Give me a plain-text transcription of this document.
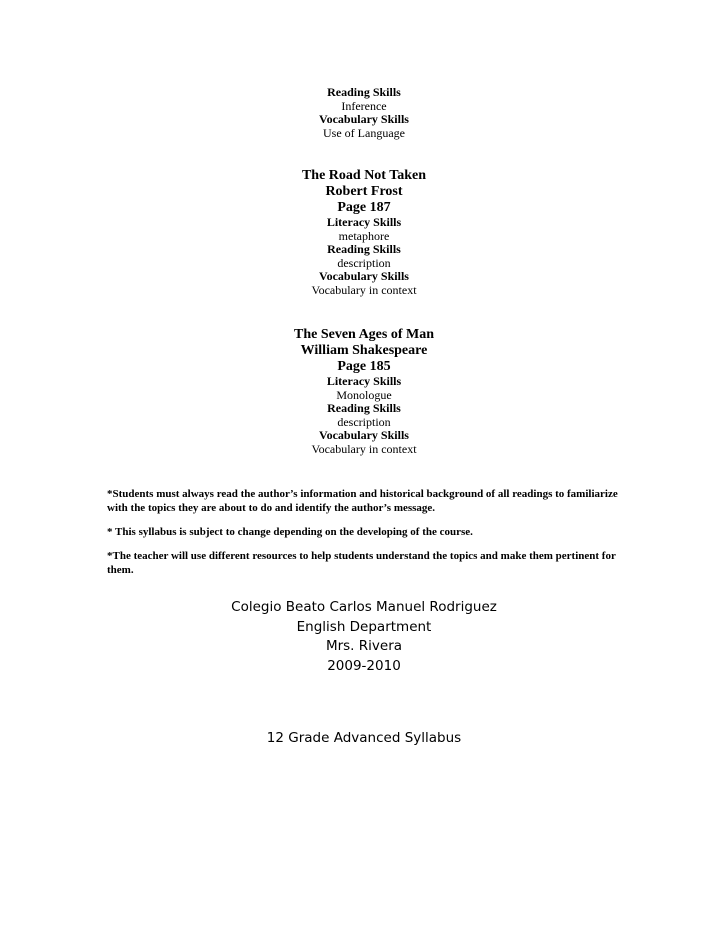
Reading Skills
Inference
Vocabulary Skills
Use of Language
The Road Not Taken
Robert Frost
Page 187
Literacy Skills
metaphore
Reading Skills
description
Vocabulary Skills
Vocabulary in context
The Seven Ages of Man
William Shakespeare
Page 185
Literacy Skills
Monologue
Reading Skills
description
Vocabulary Skills
Vocabulary in context

*Students must always read the author’s information and historical background of all readings to familiarize with the topics they are about to do and identify the author’s message.

* This syllabus is subject to change depending on the developing of the course.

*The teacher will use different resources to help students understand the topics and make them pertinent for them.

Colegio Beato Carlos Manuel Rodriguez
English Department
Mrs. Rivera
2009-2010
12 Grade Advanced Syllabus
